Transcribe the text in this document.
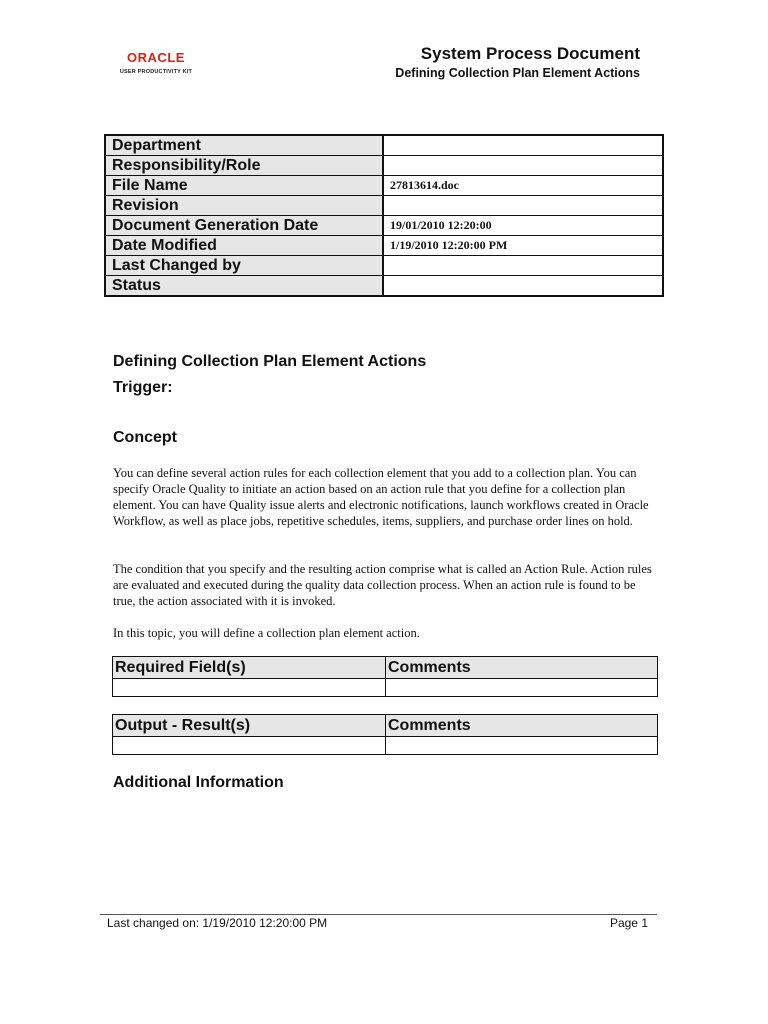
ORACLE
USER PRODUCTIVITY KIT
System Process Document
Defining Collection Plan Element Actions
Department	
Responsibility/Role	
File Name	27813614.doc
Revision	
Document Generation Date	19/01/2010 12:20:00
Date Modified	1/19/2010 12:20:00 PM
Last Changed by	
Status	
Defining Collection Plan Element Actions
Trigger:
Concept

You can define several action rules for each collection element that you add to a collection plan. You can specify Oracle Quality to initiate an action based on an action rule that you define for a collection plan element. You can have Quality issue alerts and electronic notifications, launch workflows created in Oracle Workflow, as well as place jobs, repetitive schedules, items, suppliers, and purchase order lines on hold.

The condition that you specify and the resulting action comprise what is called an Action Rule. Action rules are evaluated and executed during the quality data collection process. When an action rule is found to be true, the action associated with it is invoked.

In this topic, you will define a collection plan element action.

Required Field(s)	Comments

Output - Result(s)	Comments

Additional Information
Last changed on: 1/19/2010 12:20:00 PM	Page 1
